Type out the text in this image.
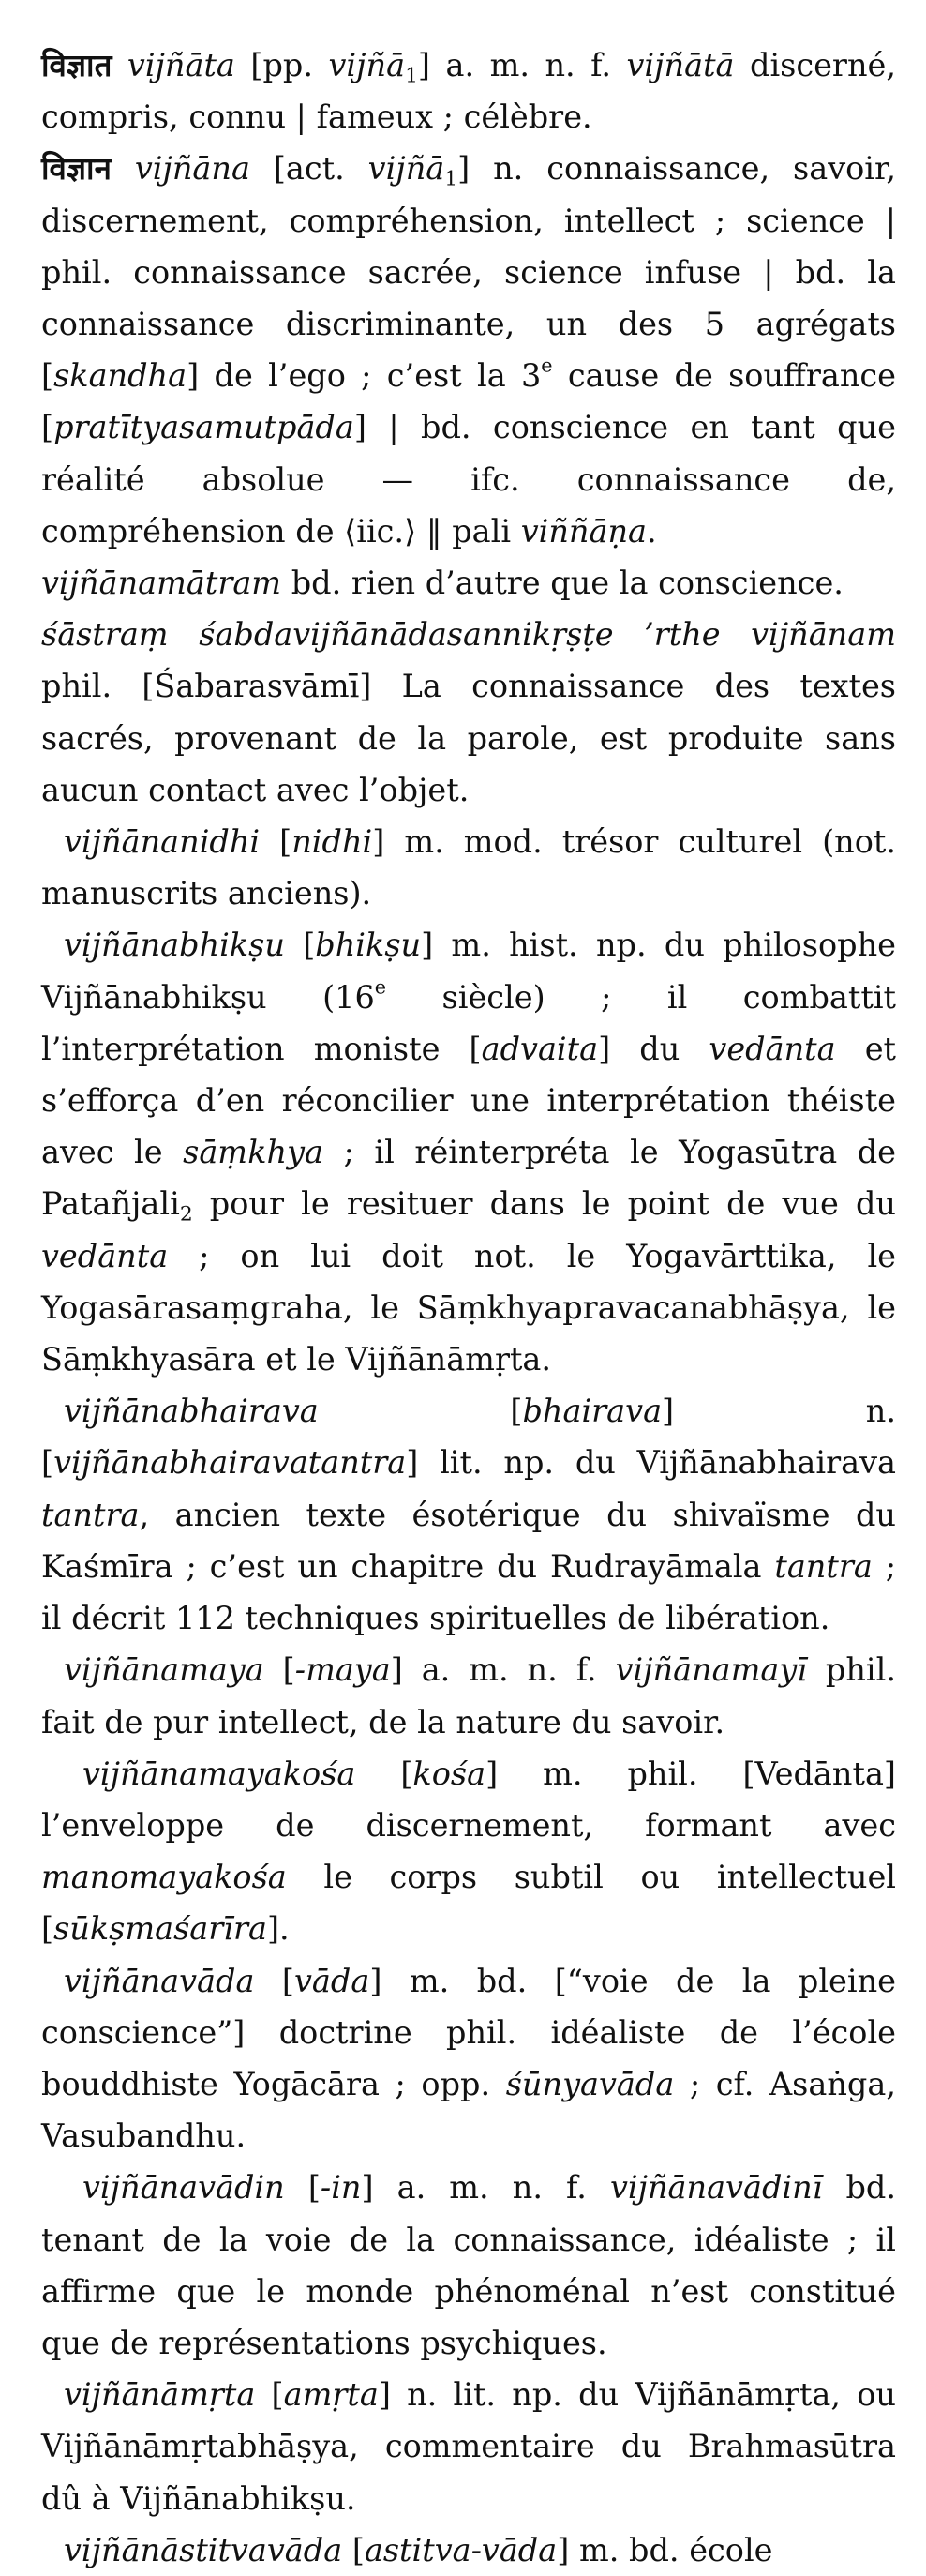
विज्ञात vijñāta [pp. vijñā$_1$] a. m. n. f. vijñātā discerné, compris, connu | fameux ; célèbre.

विज्ञान vijñāna [act. vijñā$_1$] n. connaissance, savoir, discernement, compréhension, intellect ; science | phil. connaissance sacrée, science infuse | bd. la connaissance discriminante, un des 5 agrégats [skandha] de l’ego ; c’est la 3e cause de souffrance [pratītyasamutpāda] | bd. conscience en tant que réalité absolue — ifc. connaissance de, compréhension de ⟨iic.⟩ ‖ pali viññāṇa.

vijñānamātram bd. rien d’autre que la conscience.

śāstraṃ śabdavijñānādasannikṛṣṭe ’rthe vijñānam phil. [Śabarasvāmī] La connaissance des textes sacrés, provenant de la parole, est produite sans aucun contact avec l’objet.

vijñānanidhi [nidhi] m. mod. trésor culturel (not. manuscrits anciens).

vijñānabhikṣu [bhikṣu] m. hist. np. du philosophe Vijñānabhikṣu (16e siècle) ; il combattit l’interprétation moniste [advaita] du vedānta et s’efforça d’en réconcilier une interprétation théiste avec le sāṃkhya ; il réinterpréta le Yogasūtra de Patañjali$_2$ pour le resituer dans le point de vue du vedānta ; on lui doit not. le Yogavārttika, le Yogasārasaṃgraha, le Sāṃkhyapravacanabhāṣya, le Sāṃkhyasāra et le Vijñānāmṛta.

vijñānabhairava [bhairava] n. [vijñānabhairavatantra] lit. np. du Vijñānabhairava tantra, ancien texte ésotérique du shivaïsme du Kaśmīra ; c’est un chapitre du Rudrayāmala tantra ; il décrit 112 techniques spirituelles de libération.

vijñānamaya [-maya] a. m. n. f. vijñānamayī phil. fait de pur intellect, de la nature du savoir.

vijñānamayakośa [kośa] m. phil. [Vedānta] l’enveloppe de discernement, formant avec manomayakośa le corps subtil ou intellectuel [sūkṣmaśarīra].

vijñānavāda [vāda] m. bd. [“voie de la pleine conscience”] doctrine phil. idéaliste de l’école bouddhiste Yogācāra ; opp. śūnyavāda ; cf. Asaṅga, Vasubandhu.

vijñānavādin [-in] a. m. n. f. vijñānavādinī bd. tenant de la voie de la connaissance, idéaliste ; il affirme que le monde phénoménal n’est constitué que de représentations psychiques.

vijñānāmṛta [amṛta] n. lit. np. du Vijñānāmṛta, ou Vijñānāmṛtabhāṣya, commentaire du Brahmasūtra dû à Vijñānabhikṣu.

vijñānāstitvavāda [astitva-vāda] m. bd. école
